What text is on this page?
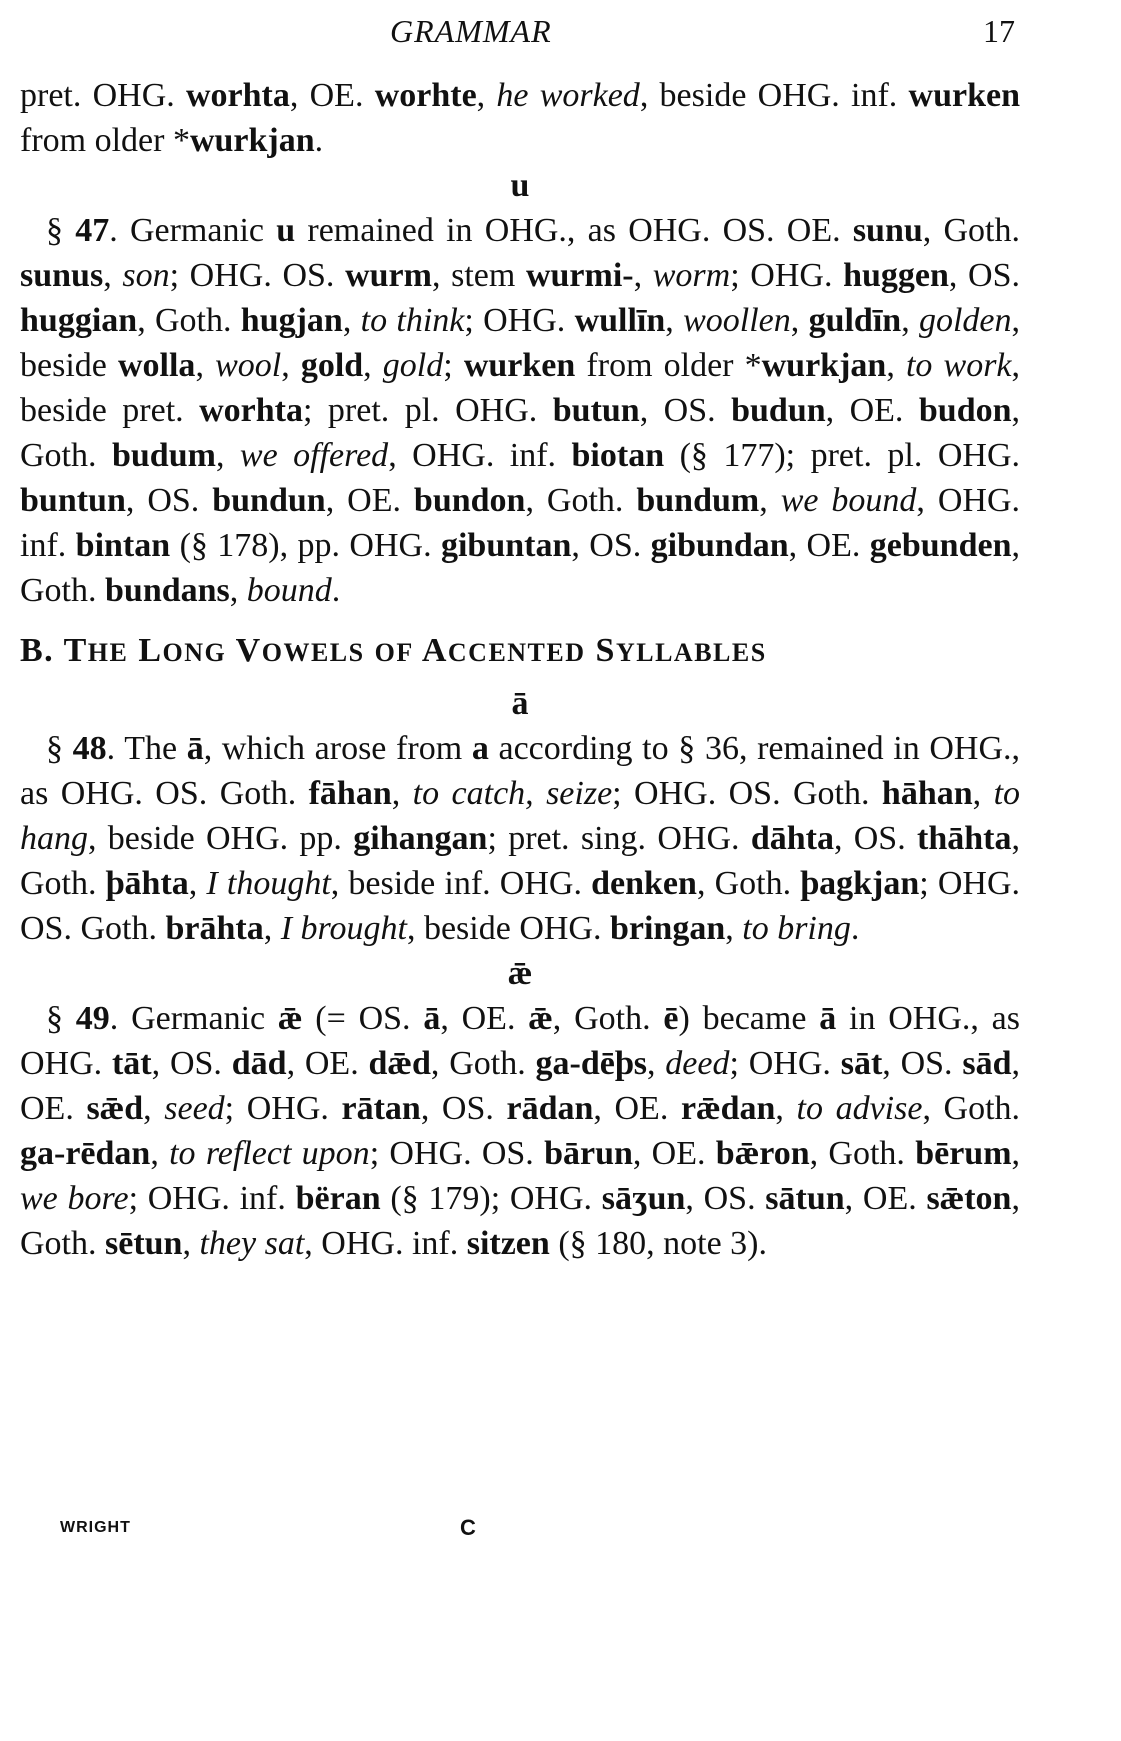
GRAMMAR	17

pret. OHG. worhta, OE. worhte, he worked, beside OHG. inf. wurken from older *wurkjan.

u

§ 47. Germanic u remained in OHG., as OHG. OS. OE. sunu, Goth. sunus, son; OHG. OS. wurm, stem wurmi-, worm; OHG. huggen, OS. huggian, Goth. hugjan, to think; OHG. wullīn, woollen, guldīn, golden, beside wolla, wool, gold, gold; wurken from older *wurkjan, to work, beside pret. worhta; pret. pl. OHG. butun, OS. budun, OE. budon, Goth. budum, we offered, OHG. inf. biotan (§ 177); pret. pl. OHG. buntun, OS. bundun, OE. bundon, Goth. bundum, we bound, OHG. inf. bintan (§ 178), pp. OHG. gibuntan, OS. gibundan, OE. gebunden, Goth. bundans, bound.

B. THE LONG VOWELS OF ACCENTED SYLLABLES
ā

§ 48. The ā, which arose from a according to § 36, remained in OHG., as OHG. OS. Goth. fāhan, to catch, seize; OHG. OS. Goth. hāhan, to hang, beside OHG. pp. gihangan; pret. sing. OHG. dāhta, OS. thāhta, Goth. þāhta, I thought, beside inf. OHG. denken, Goth. þagkjan; OHG. OS. Goth. brāhta, I brought, beside OHG. bringan, to bring.

ǣ

§ 49. Germanic ǣ (= OS. ā, OE. ǣ, Goth. ē) became ā in OHG., as OHG. tāt, OS. dād, OE. dǣd, Goth. ga-dēþs, deed; OHG. sāt, OS. sād, OE. sǣd, seed; OHG. rātan, OS. rādan, OE. rǣdan, to advise, Goth. ga-rēdan, to reflect upon; OHG. OS. bārun, OE. bǣron, Goth. bērum, we bore; OHG. inf. bëran (§ 179); OHG. sāʒun, OS. sātun, OE. sǣton, Goth. sētun, they sat, OHG. inf. sitzen (§ 180, note 3).

WRIGHT	C
